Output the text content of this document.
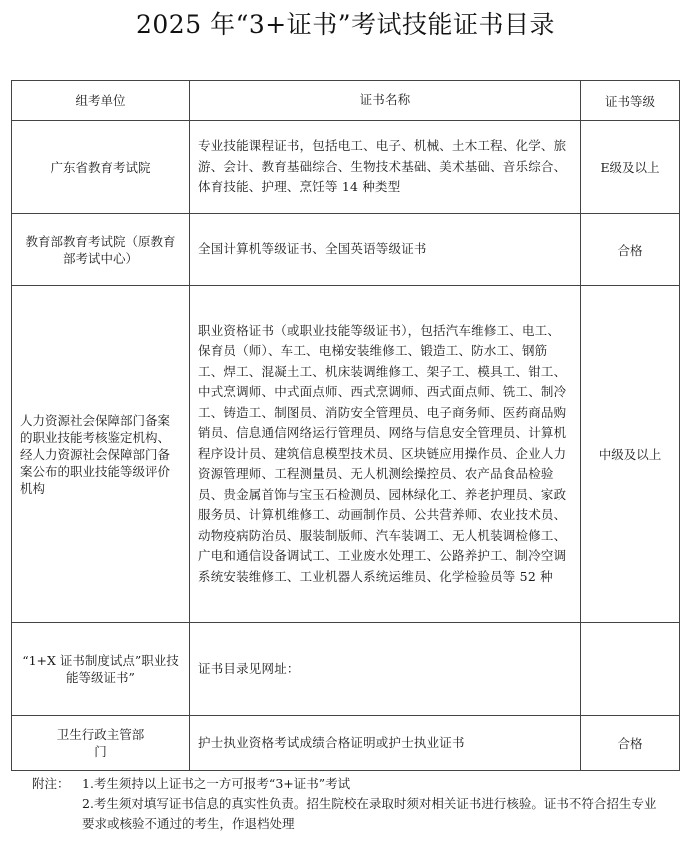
2025 年“3+证书”考试技能证书目录
组考单位	证书名称	证书等级

广东省教育考试院	专业技能课程证书，包括电工、电子、机械、土木工程、化学、旅游、会计、教育基础综合、生物技术基础、美术基础、音乐综合、体育技能、护理、烹饪等 14 种类型	E级及以上

教育部教育考试院（原教育部考试中心）	全国计算机等级证书、全国英语等级证书	合格

人力资源社会保障部门备案的职业技能考核鉴定机构、经人力资源社会保障部门备案公布的职业技能等级评价机构	职业资格证书（或职业技能等级证书），包括汽车维修工、电工、保育员（师）、车工、电梯安装维修工、锻造工、防水工、钢筋工、焊工、混凝土工、机床装调维修工、架子工、模具工、钳工、中式烹调师、中式面点师、西式烹调师、西式面点师、铣工、制冷工、铸造工、制图员、消防安全管理员、电子商务师、医药商品购销员、信息通信网络运行管理员、网络与信息安全管理员、计算机程序设计员、建筑信息模型技术员、区块链应用操作员、企业人力资源管理师、工程测量员、无人机测绘操控员、农产品食品检验员、贵金属首饰与宝玉石检测员、园林绿化工、养老护理员、家政服务员、计算机维修工、动画制作员、公共营养师、农业技术员、动物疫病防治员、服装制版师、汽车装调工、无人机装调检修工、广电和通信设备调试工、工业废水处理工、公路养护工、制冷空调系统安装维修工、工业机器人系统运维员、化学检验员等 52 种	中级及以上

“1+X 证书制度试点”职业技能等级证书”	证书目录见网址：	

卫生行政主管部门	护士执业资格考试成绩合格证明或护士执业证书	合格
附注： 1.考生须持以上证书之一方可报考“3+证书”考试
2.考生须对填写证书信息的真实性负责。招生院校在录取时须对相关证书进行核验。证书不符合招生专业要求或核验不通过的考生，作退档处理
